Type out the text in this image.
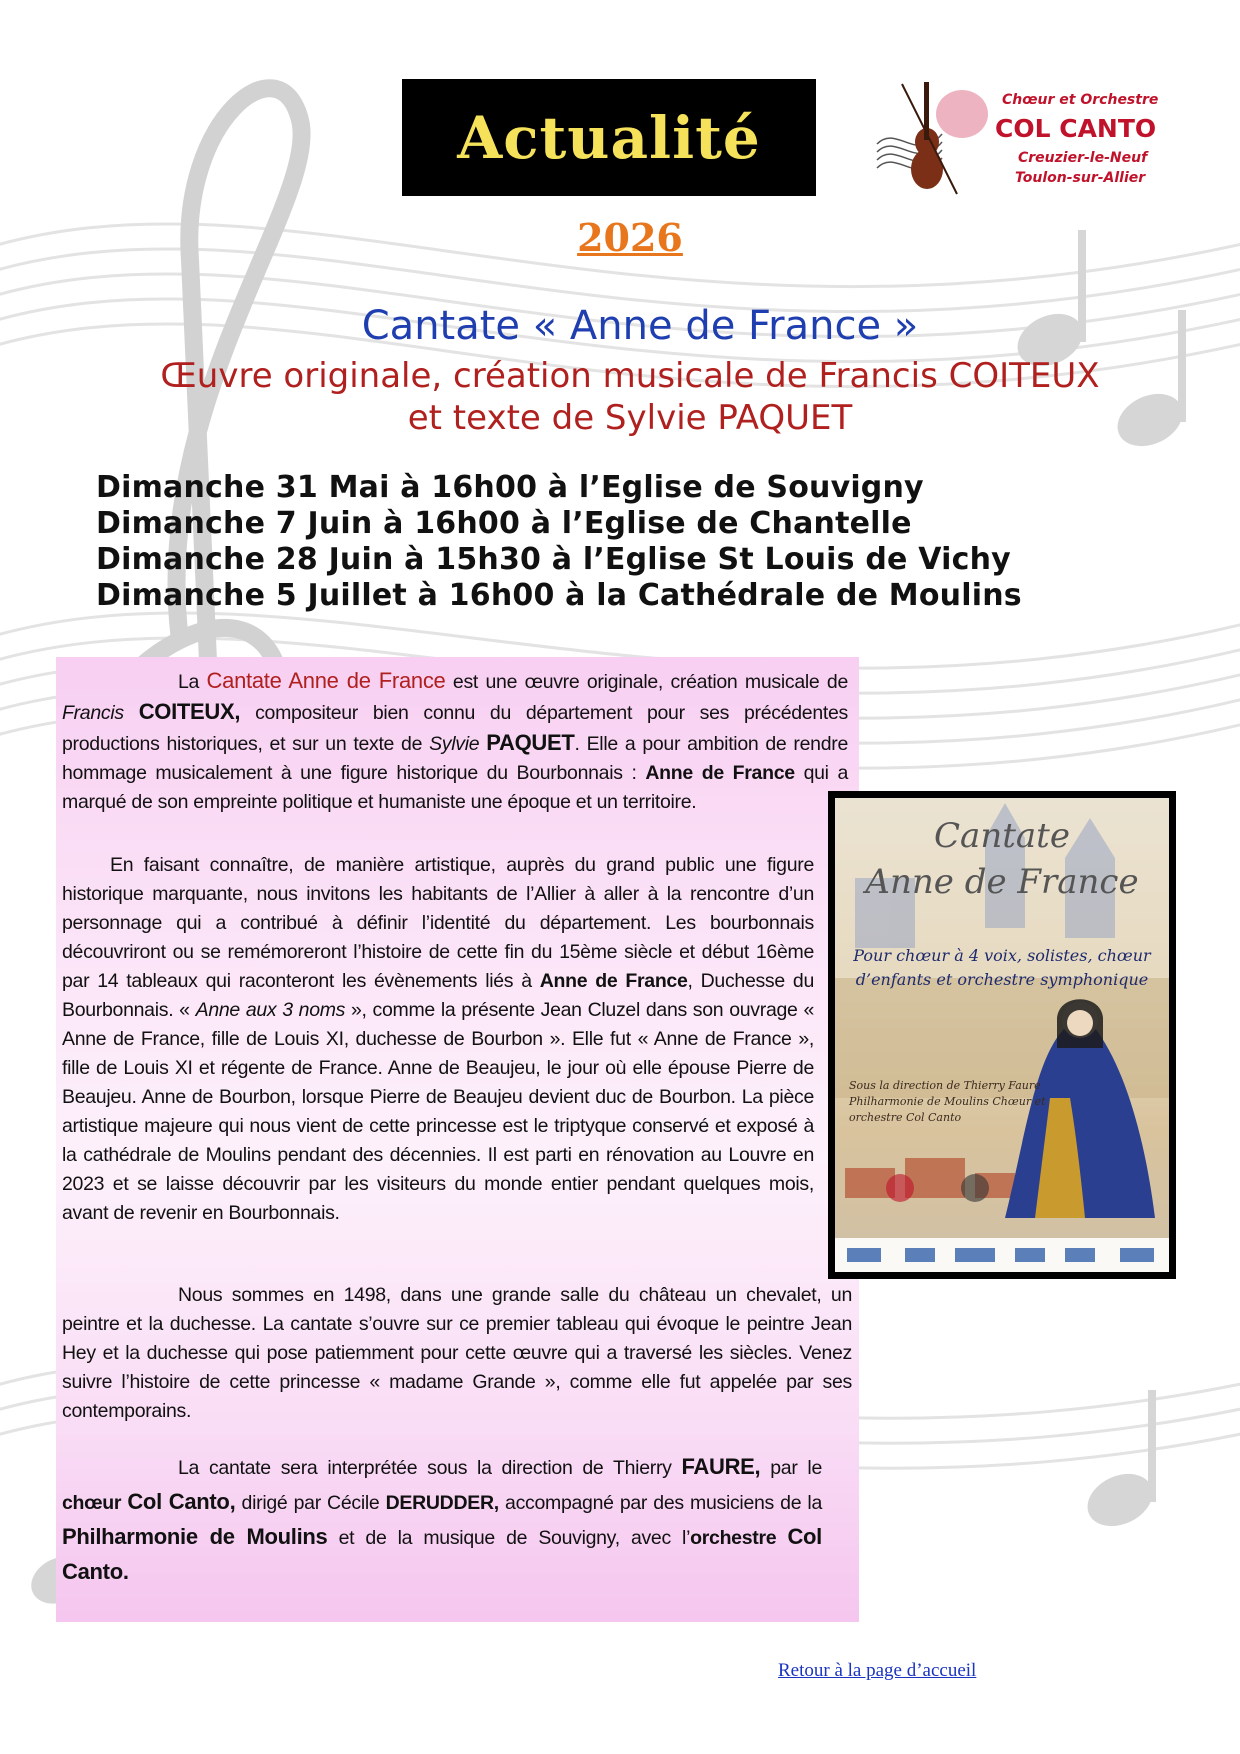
Actualité
Chœur et Orchestre
COL CANTO
Creuzier-le-Neuf
Toulon-sur-Allier
2026
Cantate « Anne de France »
Œuvre originale, création musicale de Francis COITEUX
et texte de Sylvie PAQUET
Dimanche 31 Mai à 16h00 à l’Eglise de Souvigny
Dimanche 7 Juin à 16h00 à l’Eglise de Chantelle
Dimanche 28 Juin à 15h30 à l’Eglise St Louis de Vichy
Dimanche 5 Juillet à 16h00 à la Cathédrale de Moulins
La Cantate Anne de France est une œuvre originale, création musicale de Francis COITEUX, compositeur bien connu du département pour ses précédentes productions historiques, et sur un texte de Sylvie PAQUET. Elle a pour ambition de rendre hommage musicalement à une figure historique du Bourbonnais : Anne de France qui a marqué de son empreinte politique et humaniste une époque et un territoire.
En faisant connaître, de manière artistique, auprès du grand public une figure historique marquante, nous invitons les habitants de l’Allier à aller à la rencontre d’un personnage qui a contribué à définir l’identité du département. Les bourbonnais découvriront ou se remémoreront l’histoire de cette fin du 15ème siècle et début 16ème par 14 tableaux qui raconteront les évènements liés à Anne de France, Duchesse du Bourbonnais. « Anne aux 3 noms », comme la présente Jean Cluzel dans son ouvrage « Anne de France, fille de Louis XI, duchesse de Bourbon ». Elle fut « Anne de France », fille de Louis XI et régente de France. Anne de Beaujeu, le jour où elle épouse Pierre de Beaujeu. Anne de Bourbon, lorsque Pierre de Beaujeu devient duc de Bourbon. La pièce artistique majeure qui nous vient de cette princesse est le triptyque conservé et exposé à la cathédrale de Moulins pendant des décennies. Il est parti en rénovation au Louvre en 2023 et se laisse découvrir par les visiteurs du monde entier pendant quelques mois, avant de revenir en Bourbonnais.
Nous sommes en 1498, dans une grande salle du château un chevalet, un peintre et la duchesse. La cantate s’ouvre sur ce premier tableau qui évoque le peintre Jean Hey et la duchesse qui pose patiemment pour cette œuvre qui a traversé les siècles. Venez suivre l’histoire de cette princesse « madame Grande », comme elle fut appelée par ses contemporains.
La cantate sera interprétée sous la direction de Thierry FAURE, par le chœur Col Canto, dirigé par Cécile DERUDDER, accompagné par des musiciens de la Philharmonie de Moulins et de la musique de Souvigny, avec l’orchestre Col Canto.
Cantate
Anne de France
Pour chœur à 4 voix, solistes, chœur d’enfants et orchestre symphonique
Sous la direction de Thierry Faure Philharmonie de Moulins Chœur et orchestre Col Canto
Retour à la page d’accueil
